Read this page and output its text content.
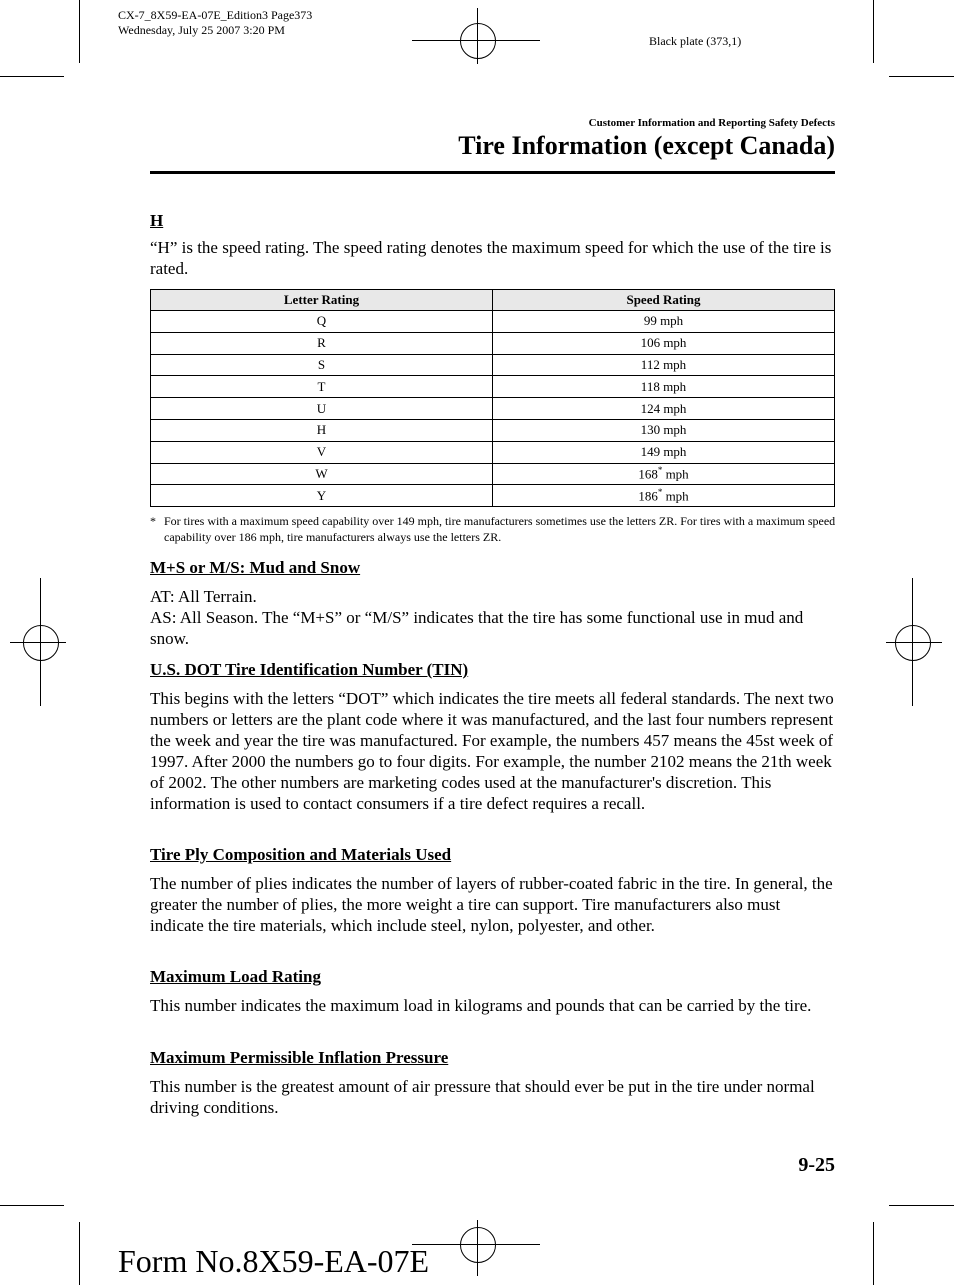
CX-7_8X59-EA-07E_Edition3 Page373
Wednesday, July 25 2007 3:20 PM
Black plate (373,1)
Customer Information and Reporting Safety Defects
Tire Information (except Canada)

H

“H” is the speed rating. The speed rating denotes the maximum speed for which the use of the tire is rated.

Letter Rating	Speed Rating
Q	99 mph
R	106 mph
S	112 mph
T	118 mph
U	124 mph
H	130 mph
V	149 mph
W	168* mph
Y	186* mph
* For tires with a maximum speed capability over 149 mph, tire manufacturers sometimes use the letters ZR. For tires with a maximum speed capability over 186 mph, tire manufacturers always use the letters ZR.

M+S or M/S: Mud and Snow

AT: All Terrain.

AS: All Season. The “M+S” or “M/S” indicates that the tire has some functional use in mud and snow.

U.S. DOT Tire Identification Number (TIN)

This begins with the letters “DOT” which indicates the tire meets all federal standards. The next two numbers or letters are the plant code where it was manufactured, and the last four numbers represent the week and year the tire was manufactured. For example, the numbers 457 means the 45st week of 1997. After 2000 the numbers go to four digits. For example, the number 2102 means the 21th week of 2002. The other numbers are marketing codes used at the manufacturer's discretion. This information is used to contact consumers if a tire defect requires a recall.

Tire Ply Composition and Materials Used

The number of plies indicates the number of layers of rubber-coated fabric in the tire. In general, the greater the number of plies, the more weight a tire can support. Tire manufacturers also must indicate the tire materials, which include steel, nylon, polyester, and other.

Maximum Load Rating

This number indicates the maximum load in kilograms and pounds that can be carried by the tire.

Maximum Permissible Inflation Pressure

This number is the greatest amount of air pressure that should ever be put in the tire under normal driving conditions.

9-25
Form No.8X59-EA-07E
